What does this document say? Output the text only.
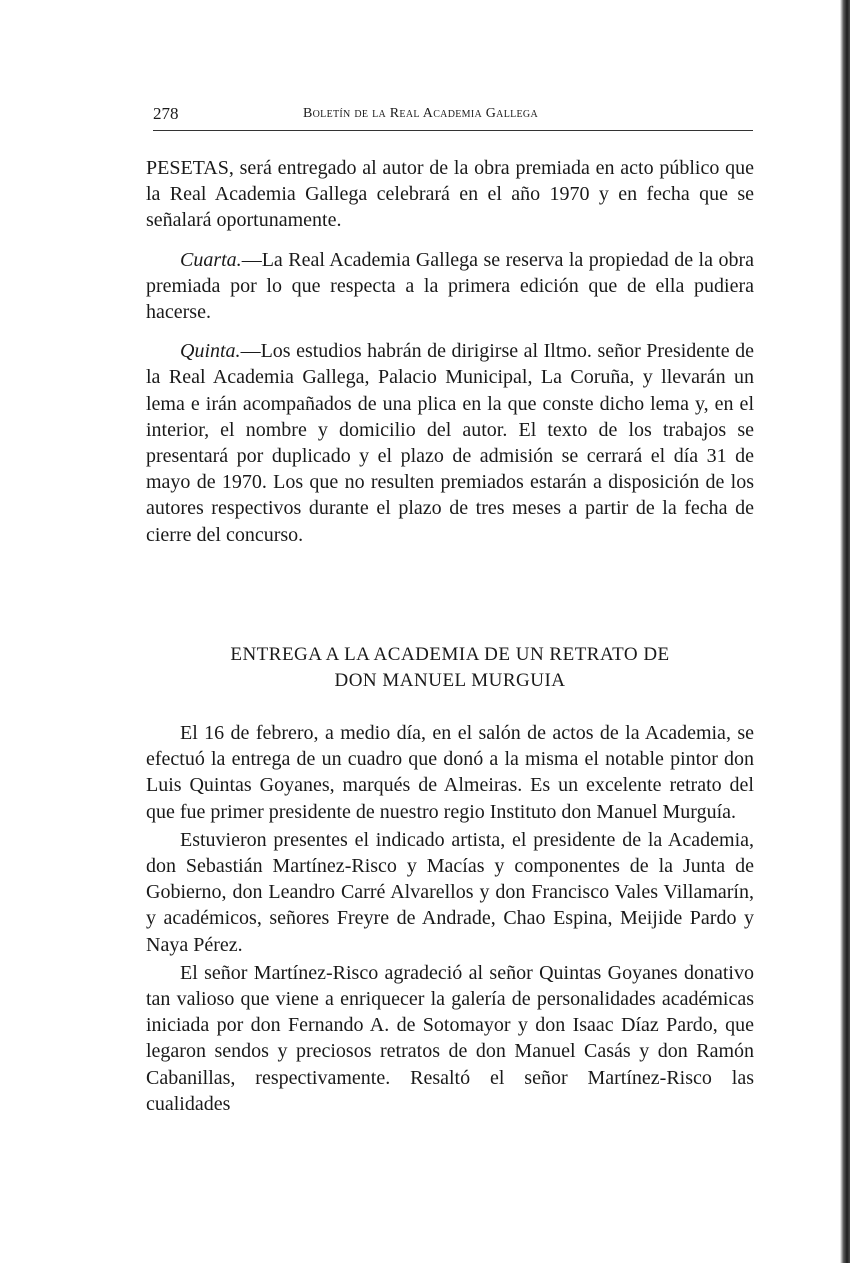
278	Boletín de la Real Academia Gallega

PESETAS, será entregado al autor de la obra premiada en acto público que la Real Academia Gallega celebrará en el año 1970 y en fecha que se señalará oportunamente.

Cuarta.—La Real Academia Gallega se reserva la propiedad de la obra premiada por lo que respecta a la primera edición que de ella pudiera hacerse.

Quinta.—Los estudios habrán de dirigirse al Iltmo. señor Presidente de la Real Academia Gallega, Palacio Municipal, La Coruña, y llevarán un lema e irán acompañados de una plica en la que conste dicho lema y, en el interior, el nombre y domicilio del autor. El texto de los trabajos se presentará por duplicado y el plazo de admisión se cerrará el día 31 de mayo de 1970. Los que no resulten premiados estarán a disposición de los autores respectivos durante el plazo de tres meses a partir de la fecha de cierre del concurso.

ENTREGA A LA ACADEMIA DE UN RETRATO DE
DON MANUEL MURGUIA

El 16 de febrero, a medio día, en el salón de actos de la Academia, se efectuó la entrega de un cuadro que donó a la misma el notable pintor don Luis Quintas Goyanes, marqués de Almeiras. Es un excelente retrato del que fue primer presidente de nuestro regio Instituto don Manuel Murguía.

Estuvieron presentes el indicado artista, el presidente de la Academia, don Sebastián Martínez-Risco y Macías y componentes de la Junta de Gobierno, don Leandro Carré Alvarellos y don Francisco Vales Villamarín, y académicos, señores Freyre de Andrade, Chao Espina, Meijide Pardo y Naya Pérez.

El señor Martínez-Risco agradeció al señor Quintas Goyanes donativo tan valioso que viene a enriquecer la galería de personalidades académicas iniciada por don Fernando A. de Sotomayor y don Isaac Díaz Pardo, que legaron sendos y preciosos retratos de don Manuel Casás y don Ramón Cabanillas, respectivamente. Resaltó el señor Martínez-Risco las cualidades
